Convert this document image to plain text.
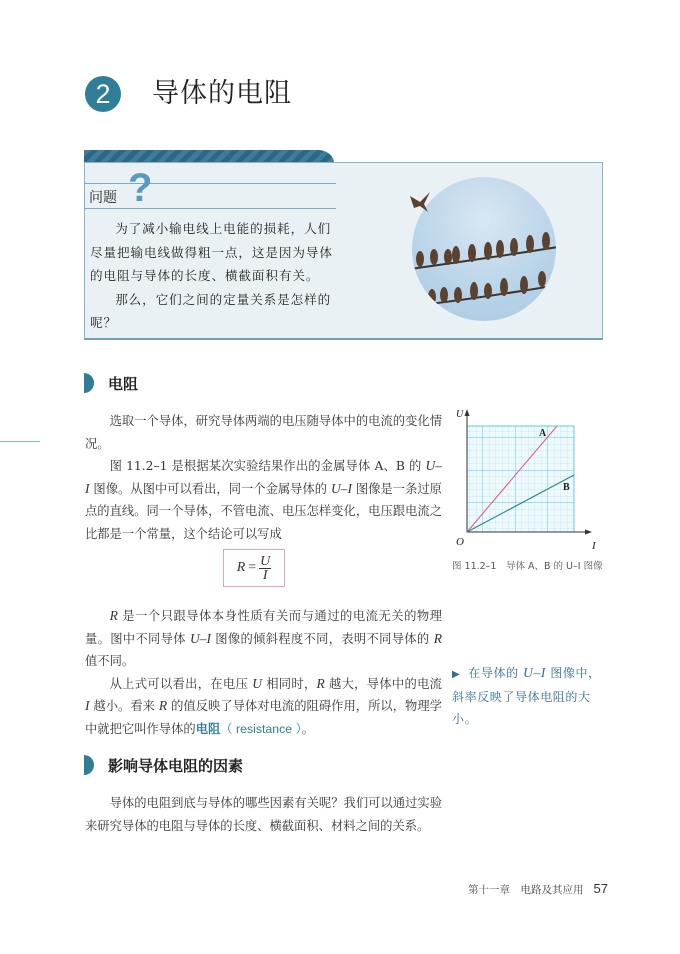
2	导体的电阻
问题 ?

为了减小输电线上电能的损耗，人们尽量把输电线做得粗一点，这是因为导体的电阻与导体的长度、横截面积有关。

那么，它们之间的定量关系是怎样的呢？

电阻

选取一个导体，研究导体两端的电压随导体中的电流的变化情况。

图 11.2–1 是根据某次实验结果作出的金属导体 A、B 的 U–I 图像。从图中可以看出，同一个金属导体的 U–I 图像是一条过原点的直线。同一个导体，不管电流、电压怎样变化，电压跟电流之比都是一个常量，这个结论可以写成

$R = \frac{U}{I}$

R 是一个只跟导体本身性质有关而与通过的电流无关的物理量。图中不同导体 U–I 图像的倾斜程度不同，表明不同导体的 R 值不同。

从上式可以看出，在电压 U 相同时，R 越大，导体中的电流 I 越小。看来 R 的值反映了导体对电流的阻碍作用，所以，物理学中就把它叫作导体的电阻（ resistance ）。

A
B
U
O	I
图 11.2–1　导体 A、B 的 U–I 图像
▶ 在导体的 U–I 图像中，斜率反映了导体电阻的大小。
影响导体电阻的因素

导体的电阻到底与导体的哪些因素有关呢？我们可以通过实验来研究导体的电阻与导体的长度、横截面积、材料之间的关系。

第十一章　电路及其应用 57
